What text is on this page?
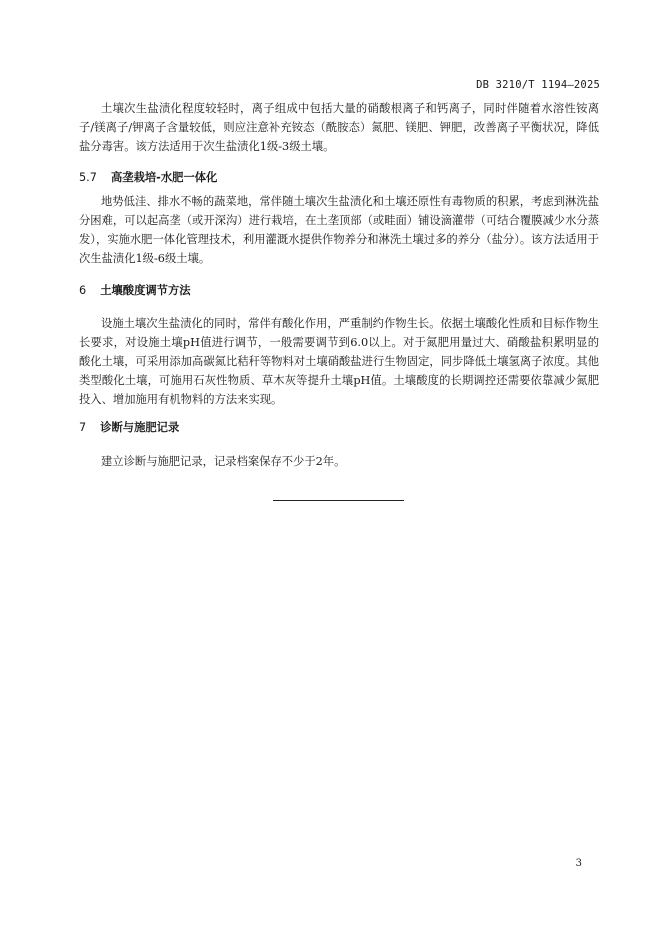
DB 3210/T 1194—2025

土壤次生盐渍化程度较轻时，离子组成中包括大量的硝酸根离子和钙离子，同时伴随着水溶性铵离子/镁离子/钾离子含量较低，则应注意补充铵态（酰胺态）氮肥、镁肥、钾肥，改善离子平衡状况，降低盐分毒害。该方法适用于次生盐渍化1级-3级土壤。

5.7 高垄栽培-水肥一体化

地势低洼、排水不畅的蔬菜地，常伴随土壤次生盐渍化和土壤还原性有毒物质的积累，考虑到淋洗盐分困难，可以起高垄（或开深沟）进行栽培，在土垄顶部（或畦面）铺设滴灌带（可结合覆膜减少水分蒸发），实施水肥一体化管理技术，利用灌溉水提供作物养分和淋洗土壤过多的养分（盐分）。该方法适用于次生盐渍化1级-6级土壤。

6 土壤酸度调节方法

设施土壤次生盐渍化的同时，常伴有酸化作用，严重制约作物生长。依据土壤酸化性质和目标作物生长要求，对设施土壤pH值进行调节，一般需要调节到6.0以上。对于氮肥用量过大、硝酸盐积累明显的酸化土壤，可采用添加高碳氮比秸秆等物料对土壤硝酸盐进行生物固定，同步降低土壤氢离子浓度。其他类型酸化土壤，可施用石灰性物质、草木灰等提升土壤pH值。土壤酸度的长期调控还需要依靠减少氮肥投入、增加施用有机物料的方法来实现。

7 诊断与施肥记录

建立诊断与施肥记录，记录档案保存不少于2年。

3
